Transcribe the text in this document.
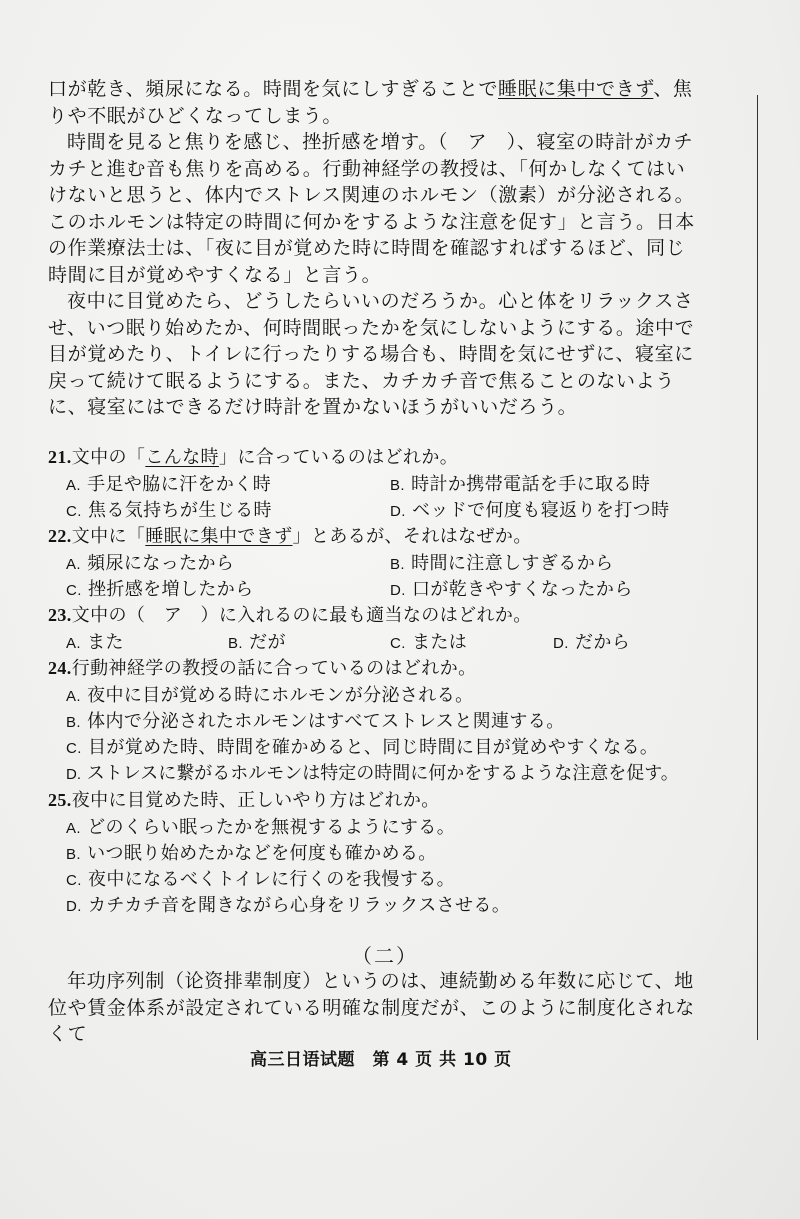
口が乾き、頻尿になる。時間を気にしすぎることで睡眠に集中できず、焦りや不眠がひどくなってしまう。

時間を見ると焦りを感じ、挫折感を増す。（　ア　）、寝室の時計がカチカチと進む音も焦りを高める。行動神経学の教授は、「何かしなくてはいけないと思うと、体内でストレス関連のホルモン（激素）が分泌される。このホルモンは特定の時間に何かをするような注意を促す」と言う。日本の作業療法士は、「夜に目が覚めた時に時間を確認すればするほど、同じ時間に目が覚めやすくなる」と言う。

夜中に目覚めたら、どうしたらいいのだろうか。心と体をリラックスさせ、いつ眠り始めたか、何時間眠ったかを気にしないようにする。途中で目が覚めたり、トイレに行ったりする場合も、時間を気にせずに、寝室に戻って続けて眠るようにする。また、カチカチ音で焦ることのないように、寝室にはできるだけ時計を置かないほうがいいだろう。

21.文中の「こんな時」に合っているのはどれか。
A. 手足や脇に汗をかく時	B. 時計か携帯電話を手に取る時
C. 焦る気持ちが生じる時	D. ベッドで何度も寝返りを打つ時
22.文中に「睡眠に集中できず」とあるが、それはなぜか。
A. 頻尿になったから	B. 時間に注意しすぎるから
C. 挫折感を増したから	D. 口が乾きやすくなったから
23.文中の（　ア　）に入れるのに最も適当なのはどれか。
A. また	B. だが	C. または	D. だから
24.行動神経学の教授の話に合っているのはどれか。
A. 夜中に目が覚める時にホルモンが分泌される。
B. 体内で分泌されたホルモンはすべてストレスと関連する。
C. 目が覚めた時、時間を確かめると、同じ時間に目が覚めやすくなる。
D. ストレスに繋がるホルモンは特定の時間に何かをするような注意を促す。
25.夜中に目覚めた時、正しいやり方はどれか。
A. どのくらい眠ったかを無視するようにする。
B. いつ眠り始めたかなどを何度も確かめる。
C. 夜中になるべくトイレに行くのを我慢する。
D. カチカチ音を聞きながら心身をリラックスさせる。
（二）
年功序列制（论资排辈制度）というのは、連続勤める年数に応じて、地位や賃金体系が設定されている明確な制度だが、このように制度化されなくて
高三日语试题　第 4 页 共 10 页
